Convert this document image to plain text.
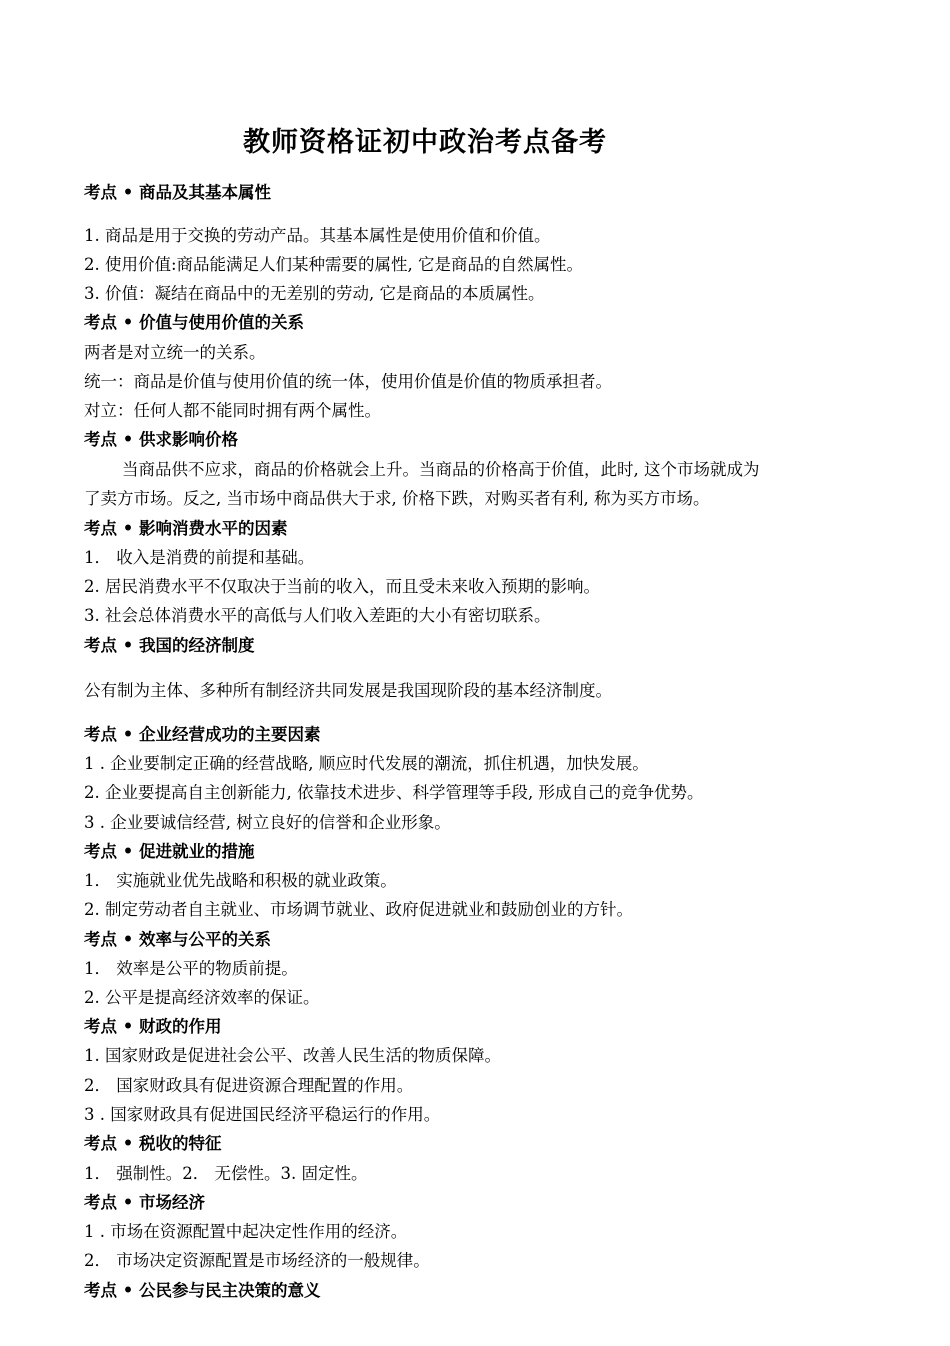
教师资格证初中政治考点备考
考点 • 商品及其基本属性
1. 商品是用于交换的劳动产品。其基本属性是使用价值和价值。
2. 使用价值:商品能满足人们某种需要的属性, 它是商品的自然属性。
3. 价值：凝结在商品中的无差别的劳动, 它是商品的本质属性。
考点 • 价值与使用价值的关系
两者是对立统一的关系。
统一：商品是价值与使用价值的统一体，使用价值是价值的物质承担者。
对立：任何人都不能同时拥有两个属性。
考点 • 供求影响价格
当商品供不应求，商品的价格就会上升。当商品的价格高于价值，此时, 这个市场就成为
了卖方市场。反之, 当市场中商品供大于求, 价格下跌，对购买者有利, 称为买方市场。
考点 • 影响消费水平的因素
1． 收入是消费的前提和基础。
2. 居民消费水平不仅取决于当前的收入，而且受未来收入预期的影响。
3. 社会总体消费水平的高低与人们收入差距的大小有密切联系。
考点 • 我国的经济制度
公有制为主体、多种所有制经济共同发展是我国现阶段的基本经济制度。
考点 • 企业经营成功的主要因素
1 . 企业要制定正确的经营战略, 顺应时代发展的潮流，抓住机遇，加快发展。
2. 企业要提高自主创新能力, 依靠技术进步、科学管理等手段, 形成自己的竞争优势。
3 . 企业要诚信经营, 树立良好的信誉和企业形象。
考点 • 促进就业的措施
1． 实施就业优先战略和积极的就业政策。
2. 制定劳动者自主就业、市场调节就业、政府促进就业和鼓励创业的方针。
考点 • 效率与公平的关系
1． 效率是公平的物质前提。
2. 公平是提高经济效率的保证。
考点 • 财政的作用
1. 国家财政是促进社会公平、改善人民生活的物质保障。
2． 国家财政具有促进资源合理配置的作用。
3 . 国家财政具有促进国民经济平稳运行的作用。
考点 • 税收的特征
1． 强制性。2． 无偿性。3. 固定性。
考点 • 市场经济
1 . 市场在资源配置中起决定性作用的经济。
2． 市场决定资源配置是市场经济的一般规律。
考点 • 公民参与民主决策的意义
